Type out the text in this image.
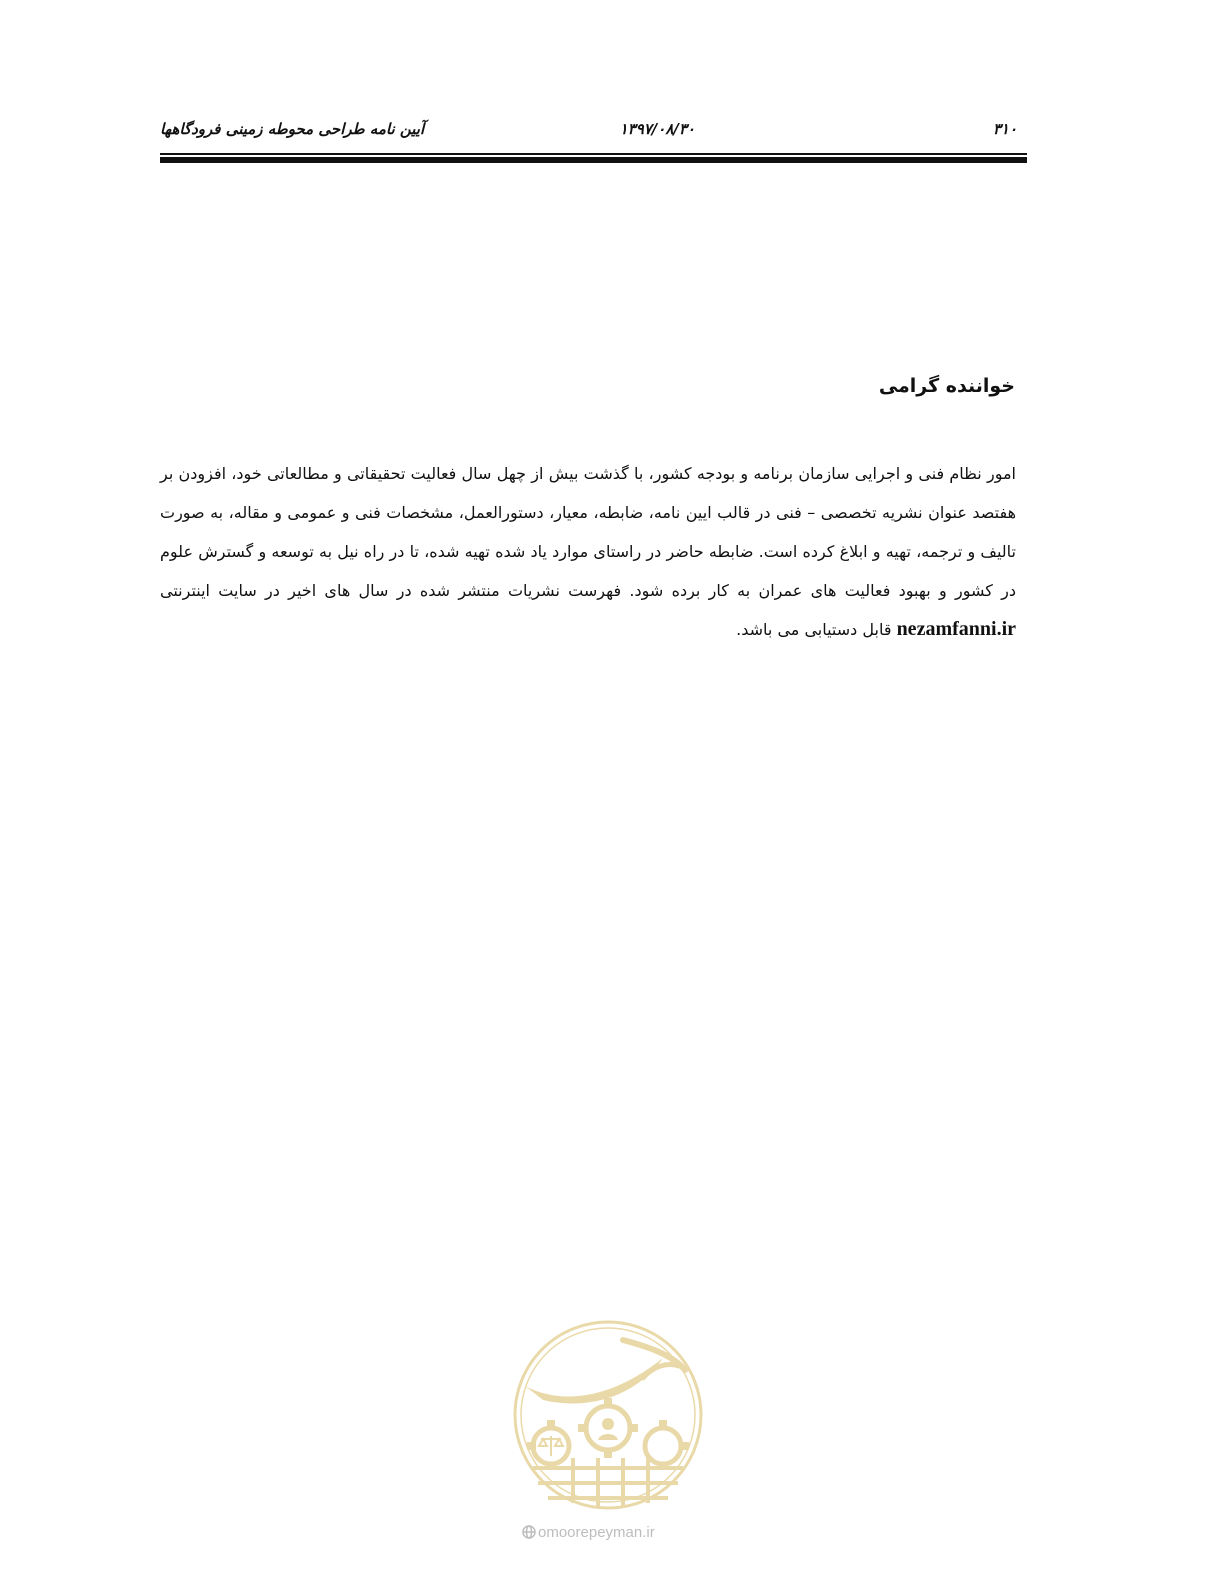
۳۱۰
۱۳۹۷/۰۸/۳۰
آیین نامه طراحی محوطه زمینی فرودگاهها
خواننده گرامی

امور نظام فنی و اجرایی سازمان برنامه و بودجه کشور، با گذشت بیش از چهل سال فعالیت تحقیقاتی و مطالعاتی خود، افزودن بر هفتصد عنوان نشریه تخصصی – فنی در قالب ایین نامه، ضابطه، معیار، دستورالعمل، مشخصات فنی و عمومی و مقاله، به صورت تالیف و ترجمه، تهیه و ابلاغ کرده است. ضابطه حاضر در راستای موارد یاد شده تهیه شده، تا در راه نیل به توسعه و گسترش علوم در کشور و بهبود فعالیت های عمران به کار برده شود. فهرست نشریات منتشر شده در سال های اخیر در سایت اینترنتی nezamfanni.ir قابل دستیابی می باشد.

omoorepeyman.ir
